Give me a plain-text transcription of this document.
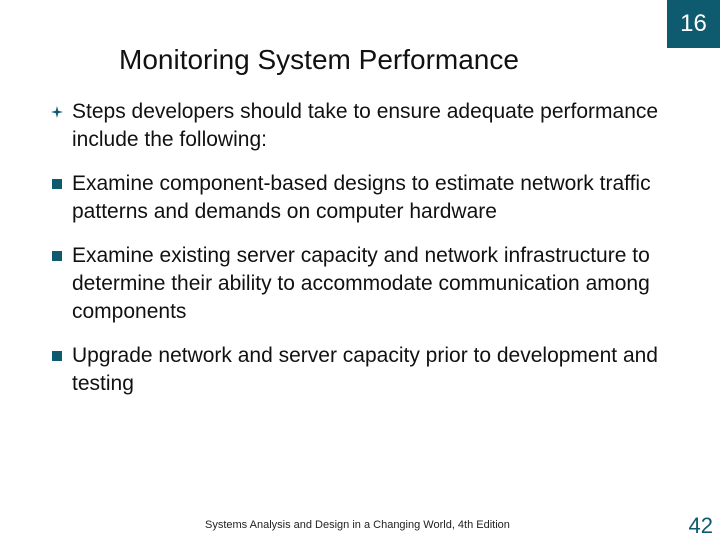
16
Monitoring System Performance
Steps developers should take to ensure adequate performance include the following:
Examine component-based designs to estimate network traffic patterns and demands on computer hardware
Examine existing server capacity and network infrastructure to determine their ability to accommodate communication among components
Upgrade network and server capacity prior to development and testing
Systems Analysis and Design in a Changing World, 4th Edition	42
